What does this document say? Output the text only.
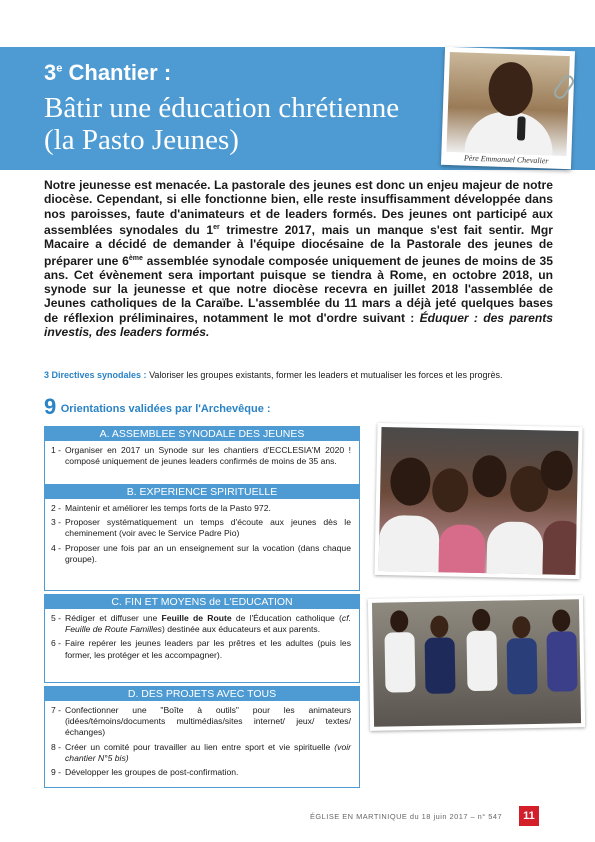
3e Chantier :
Bâtir une éducation chrétienne
(la Pasto Jeunes)
Père Emmanuel Chevalier
Notre jeunesse est menacée. La pastorale des jeunes est donc un enjeu majeur de notre diocèse. Cependant, si elle fonctionne bien, elle reste insuffisamment développée dans nos paroisses, faute d'animateurs et de leaders formés. Des jeunes ont participé aux assemblées synodales du 1er trimestre 2017, mais un manque s'est fait sentir. Mgr Macaire a décidé de demander à l'équipe diocésaine de la Pastorale des jeunes de préparer une 6ème assemblée synodale composée uniquement de jeunes de moins de 35 ans. Cet évènement sera important puisque se tiendra à Rome, en octobre 2018, un synode sur la jeunesse et que notre diocèse recevra en juillet 2018 l'assemblée de Jeunes catholiques de la Caraïbe. L'assemblée du 11 mars a déjà jeté quelques bases de réflexion préliminaires, notamment le mot d'ordre suivant : Éduquer : des parents investis, des leaders formés.
3 Directives synodales : Valoriser les groupes existants, former les leaders et mutualiser les forces et les progrès.
9 Orientations validées par l'Archevêque :
A. ASSEMBLEE SYNODALE DES JEUNES
1 - Organiser en 2017 un Synode sur les chantiers d'ECCLESIA'M 2020 ! composé uniquement de jeunes leaders confirmés de moins de 35 ans.
B. EXPERIENCE SPIRITUELLE
2 - Maintenir et améliorer les temps forts de la Pasto 972.
3 - Proposer systématiquement un temps d'écoute aux jeunes dès le cheminement (voir avec le Service Padre Pio)
4 - Proposer une fois par an un enseignement sur la vocation (dans chaque groupe).
C. FIN ET MOYENS de L'EDUCATION
5 - Rédiger et diffuser une Feuille de Route de l'Éducation catholique (cf. Feuille de Route Familles) destinée aux éducateurs et aux parents.
6 - Faire repérer les jeunes leaders par les prêtres et les adultes (puis les former, les protéger et les accompagner).
D. DES PROJETS AVEC TOUS
7 - Confectionner une "Boîte à outils" pour les animateurs (idées/témoins/documents multimédias/sites internet/ jeux/ textes/ échanges)
8 - Créer un comité pour travailler au lien entre sport et vie spirituelle (voir chantier N°5 bis)
9 - Développer les groupes de post-confirmation.
ÉGLISE EN MARTINIQUE du 18 juin 2017 – n° 547	11
